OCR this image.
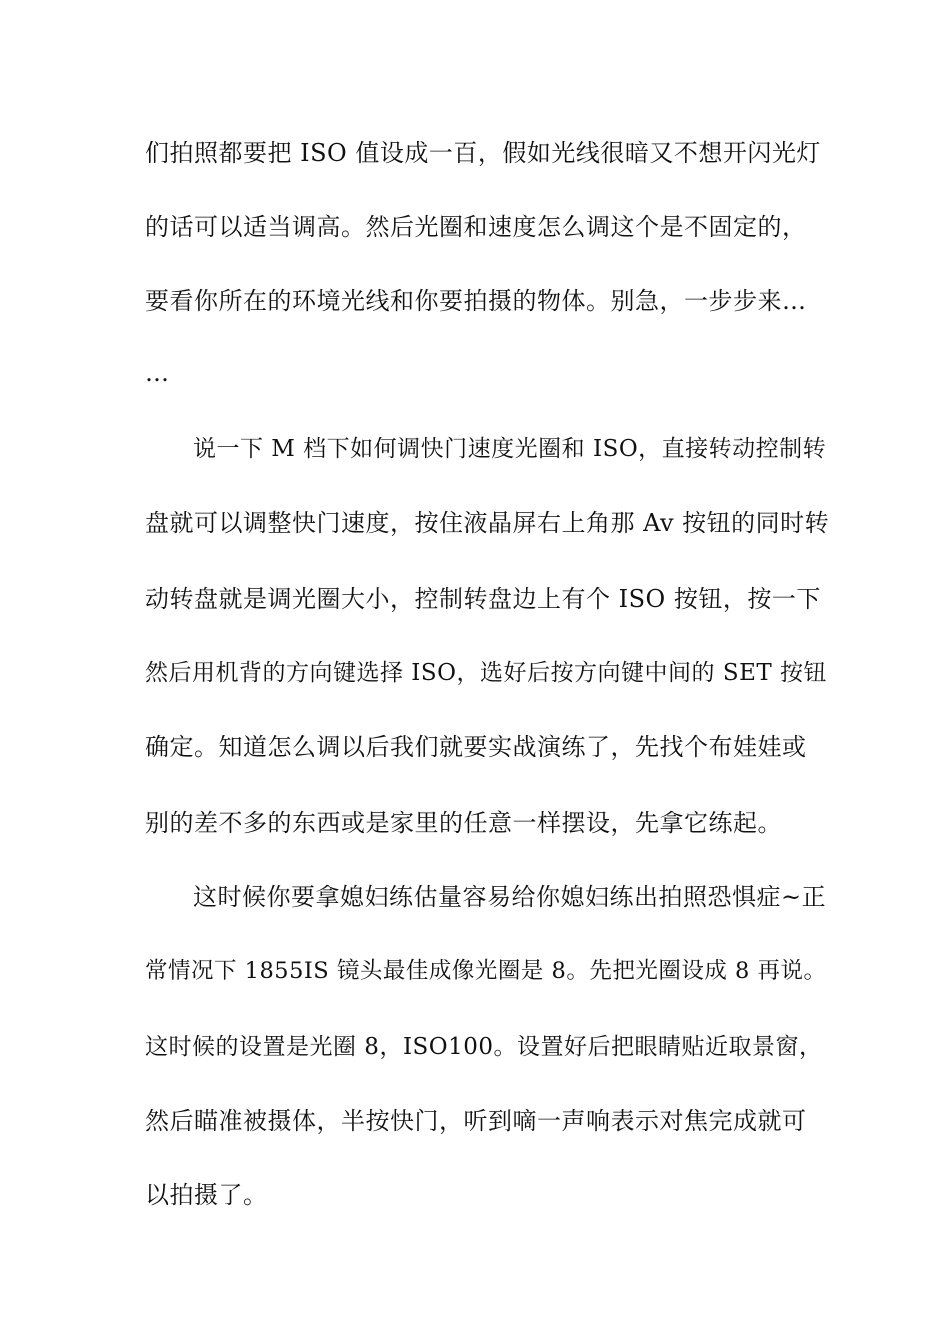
们拍照都要把 ISO 值设成一百，假如光线很暗又不想开闪光灯
的话可以适当调高。然后光圈和速度怎么调这个是不固定的，
要看你所在的环境光线和你要拍摄的物体。别急，一步步来…
…
说一下 M 档下如何调快门速度光圈和 ISO，直接转动控制转
盘就可以调整快门速度，按住液晶屏右上角那 Av 按钮的同时转
动转盘就是调光圈大小，控制转盘边上有个 ISO 按钮，按一下
然后用机背的方向键选择 ISO，选好后按方向键中间的 SET 按钮
确定。知道怎么调以后我们就要实战演练了，先找个布娃娃或
别的差不多的东西或是家里的任意一样摆设，先拿它练起。
这时候你要拿媳妇练估量容易给你媳妇练出拍照恐惧症~正
常情况下 1855IS 镜头最佳成像光圈是 8。先把光圈设成 8 再说。
这时候的设置是光圈 8，ISO100。设置好后把眼睛贴近取景窗，
然后瞄准被摄体，半按快门，听到嘀一声响表示对焦完成就可
以拍摄了。
